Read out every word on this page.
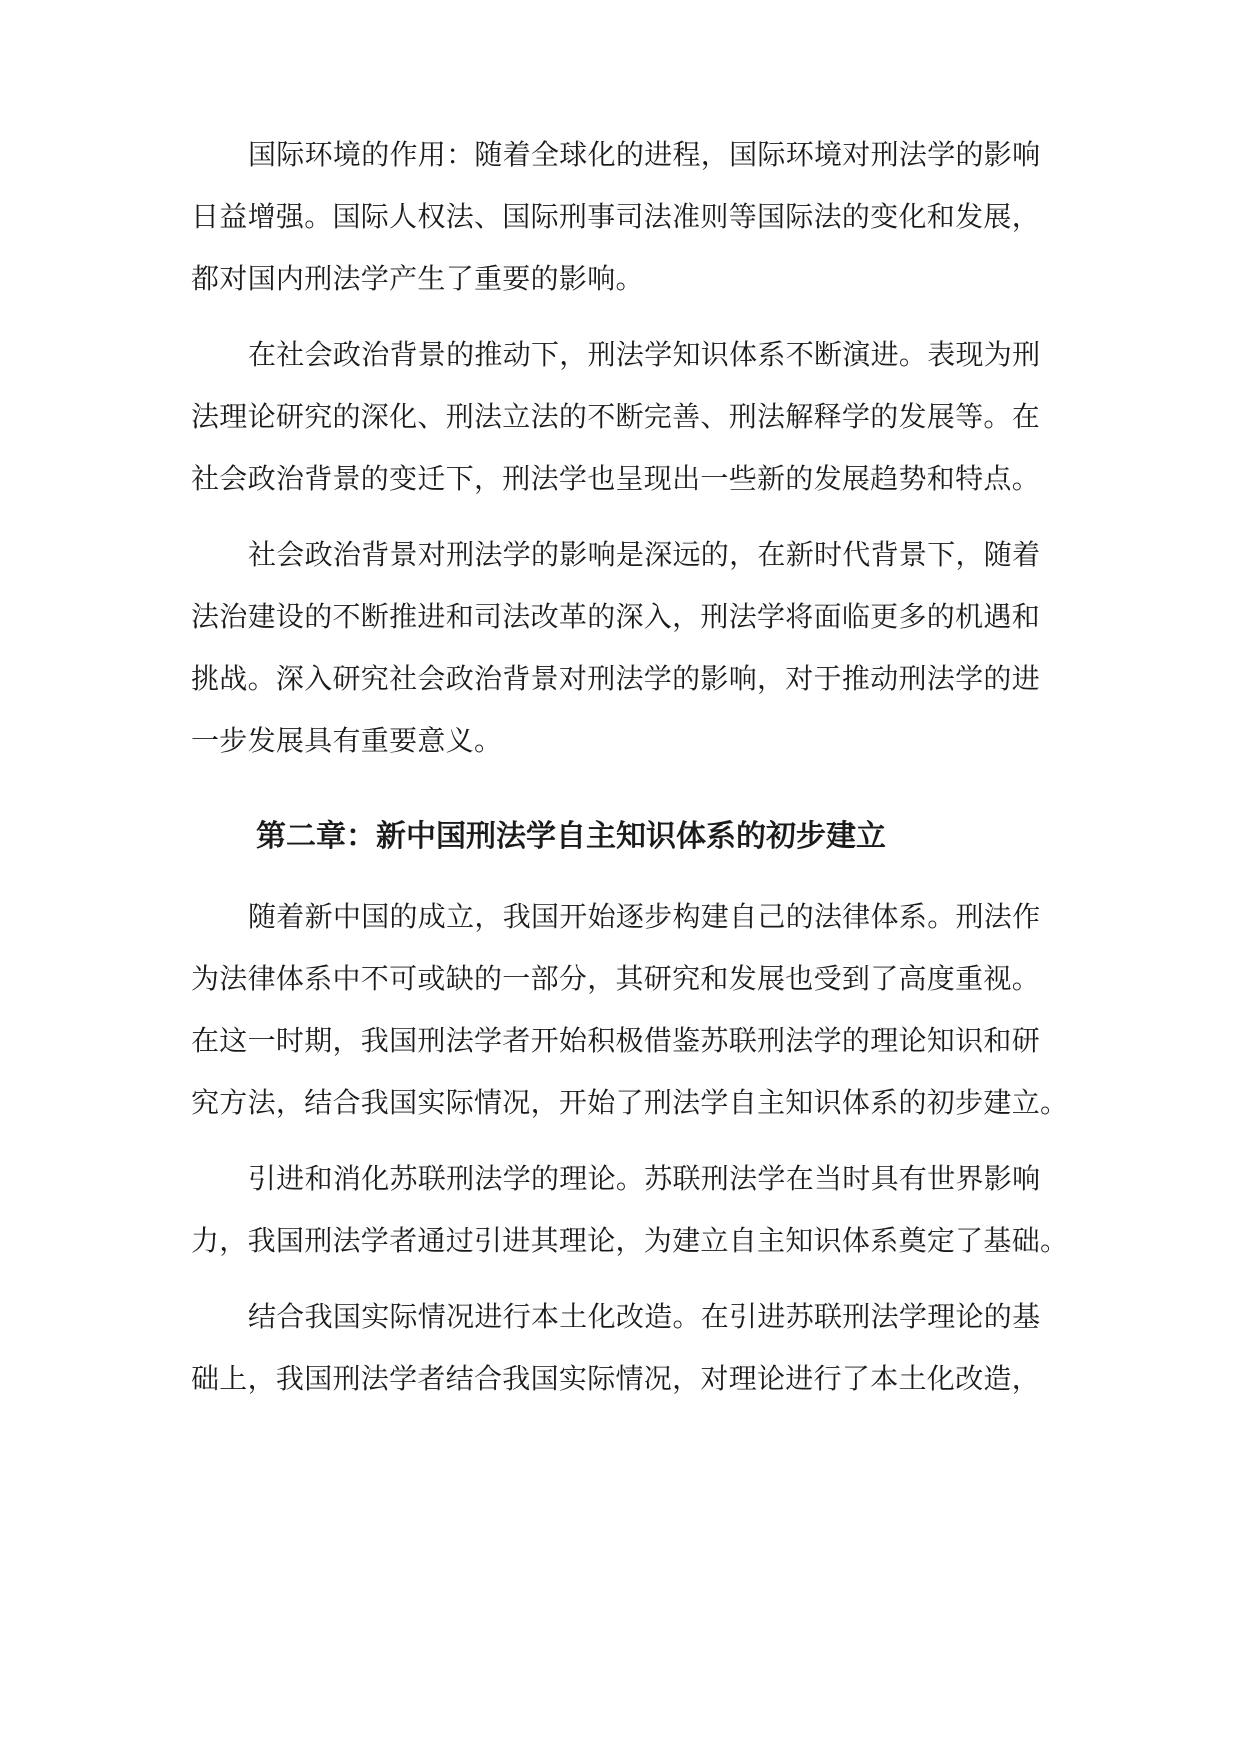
国际环境的作用：随着全球化的进程，国际环境对刑法学的影响
日益增强。国际人权法、国际刑事司法准则等国际法的变化和发展，
都对国内刑法学产生了重要的影响。
在社会政治背景的推动下，刑法学知识体系不断演进。表现为刑
法理论研究的深化、刑法立法的不断完善、刑法解释学的发展等。在
社会政治背景的变迁下，刑法学也呈现出一些新的发展趋势和特点。
社会政治背景对刑法学的影响是深远的，在新时代背景下，随着
法治建设的不断推进和司法改革的深入，刑法学将面临更多的机遇和
挑战。深入研究社会政治背景对刑法学的影响，对于推动刑法学的进
一步发展具有重要意义。
第二章：新中国刑法学自主知识体系的初步建立
随着新中国的成立，我国开始逐步构建自己的法律体系。刑法作
为法律体系中不可或缺的一部分，其研究和发展也受到了高度重视。
在这一时期，我国刑法学者开始积极借鉴苏联刑法学的理论知识和研
究方法，结合我国实际情况，开始了刑法学自主知识体系的初步建立。
引进和消化苏联刑法学的理论。苏联刑法学在当时具有世界影响
力，我国刑法学者通过引进其理论，为建立自主知识体系奠定了基础。
结合我国实际情况进行本土化改造。在引进苏联刑法学理论的基
础上，我国刑法学者结合我国实际情况，对理论进行了本土化改造，
